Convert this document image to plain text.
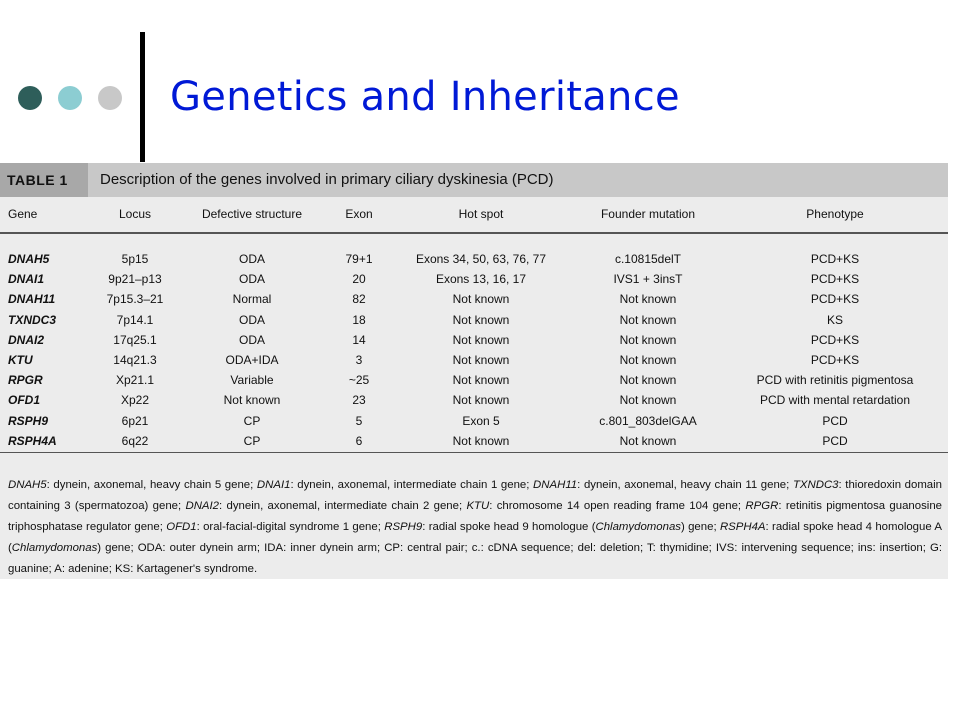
Genetics and Inheritance
TABLE 1	Description of the genes involved in primary ciliary dyskinesia (PCD)
Gene	Locus	Defective structure	Exon	Hot spot	Founder mutation	Phenotype
DNAH5	5p15	ODA	79+1	Exons 34, 50, 63, 76, 77	c.10815delT	PCD+KS
DNAI1	9p21–p13	ODA	20	Exons 13, 16, 17	IVS1 + 3insT	PCD+KS
DNAH11	7p15.3–21	Normal	82	Not known	Not known	PCD+KS
TXNDC3	7p14.1	ODA	18	Not known	Not known	KS
DNAI2	17q25.1	ODA	14	Not known	Not known	PCD+KS
KTU	14q21.3	ODA+IDA	3	Not known	Not known	PCD+KS
RPGR	Xp21.1	Variable	~25	Not known	Not known	PCD with retinitis pigmentosa
OFD1	Xp22	Not known	23	Not known	Not known	PCD with mental retardation
RSPH9	6p21	CP	5	Exon 5	c.801_803delGAA	PCD
RSPH4A	6q22	CP	6	Not known	Not known	PCD
DNAH5: dynein, axonemal, heavy chain 5 gene; DNAI1: dynein, axonemal, intermediate chain 1 gene; DNAH11: dynein, axonemal, heavy chain 11 gene; TXNDC3: thioredoxin domain containing 3 (spermatozoa) gene; DNAI2: dynein, axonemal, intermediate chain 2 gene; KTU: chromosome 14 open reading frame 104 gene; RPGR: retinitis pigmentosa guanosine triphosphatase regulator gene; OFD1: oral-facial-digital syndrome 1 gene; RSPH9: radial spoke head 9 homologue (Chlamydomonas) gene; RSPH4A: radial spoke head 4 homologue A (Chlamydomonas) gene; ODA: outer dynein arm; IDA: inner dynein arm; CP: central pair; c.: cDNA sequence; del: deletion; T: thymidine; IVS: intervening sequence; ins: insertion; G: guanine; A: adenine; KS: Kartagener's syndrome.
